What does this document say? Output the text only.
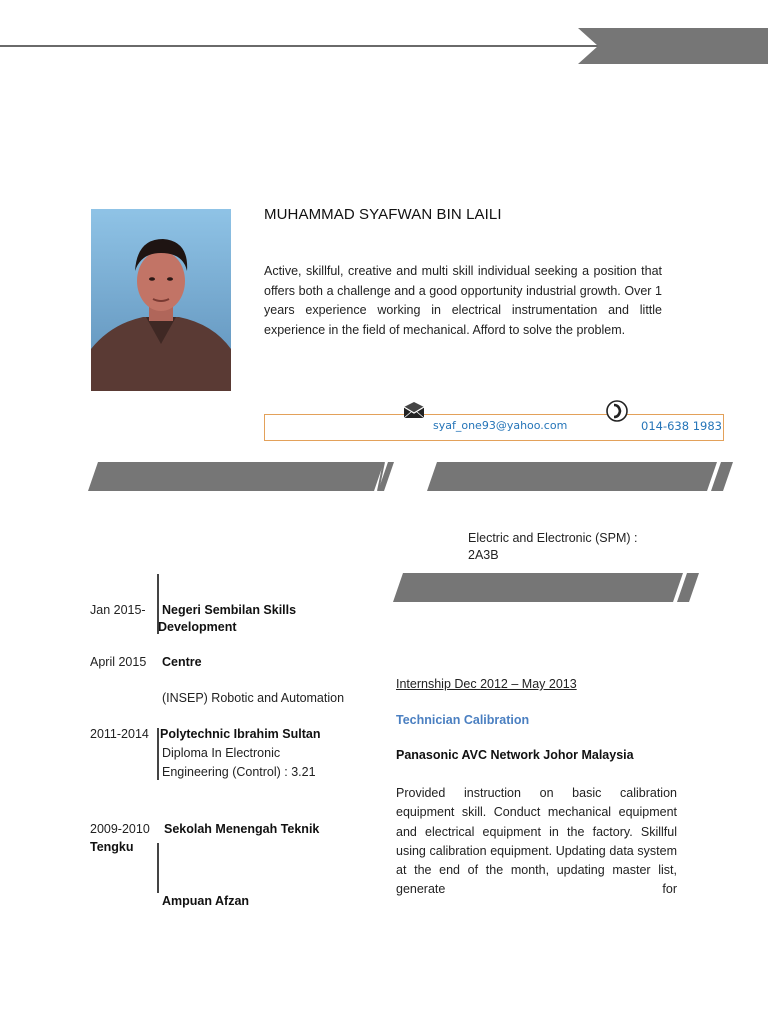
MUHAMMAD SYAFWAN BIN LAILI
Active, skillful, creative and multi skill individual seeking a position that offers both a challenge and a good opportunity industrial growth. Over 1 years experience working in electrical instrumentation and little experience in the field of mechanical. Afford to solve the problem.
syaf_one93@yahoo.com	014-638 1983
Electric and Electronic (SPM) :
2A3B
Jan 2015- Negeri Sembilan Skills
Development
April 2015 Centre
(INSEP) Robotic and Automation
2011-2014 Polytechnic Ibrahim Sultan
Diploma In Electronic
Engineering (Control) : 3.21
2009-2010 Sekolah Menengah Teknik
Tengku
Ampuan Afzan
Internship Dec 2012 – May 2013
Technician Calibration
Panasonic AVC Network Johor Malaysia
Provided instruction on basic calibration equipment skill. Conduct mechanical equipment and electrical equipment in the factory. Skillful using calibration equipment. Updating data system at the end of the month, updating master list, generate for
